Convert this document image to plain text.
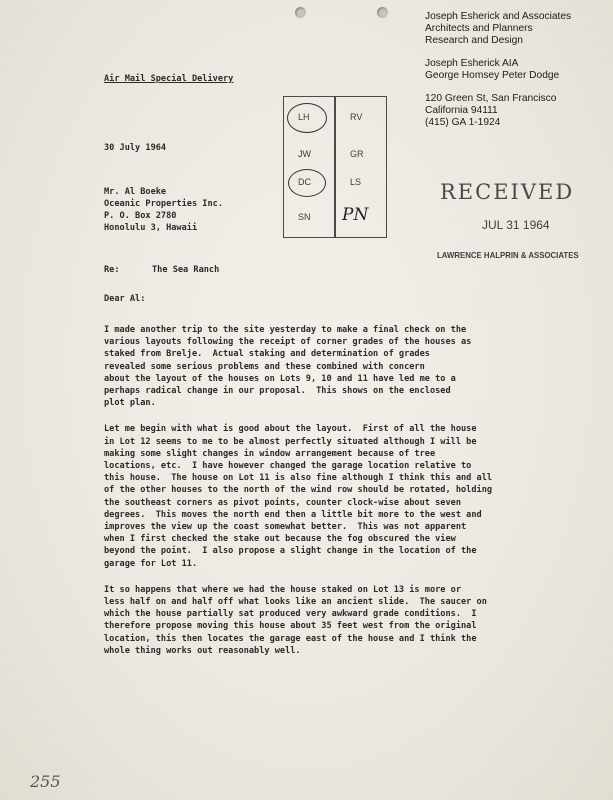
Joseph Esherick and Associates
Architects and Planners
Research and Design
Joseph Esherick AIA
George Homsey Peter Dodge
120 Green St, San Francisco
California 94111
(415) GA 1-1924
Air Mail Special Delivery
30 July 1964
LH
JW
DC
SN
RV
GR
LS
PN
RECEIVED
JUL 31 1964
LAWRENCE HALPRIN & ASSOCIATES
Mr. Al Boeke
Oceanic Properties Inc.
P. O. Box 2780
Honolulu 3, Hawaii
Re:	The Sea Ranch
Dear Al:
I made another trip to the site yesterday to make a final check on the
various layouts following the receipt of corner grades of the houses as
staked from Brelje.  Actual staking and determination of grades
revealed some serious problems and these combined with concern
about the layout of the houses on Lots 9, 10 and 11 have led me to a
perhaps radical change in our proposal.  This shows on the enclosed
plot plan.
Let me begin with what is good about the layout.  First of all the house
in Lot 12 seems to me to be almost perfectly situated although I will be
making some slight changes in window arrangement because of tree
locations, etc.  I have however changed the garage location relative to
this house.  The house on Lot 11 is also fine although I think this and all
of the other houses to the north of the wind row should be rotated, holding
the southeast corners as pivot points, counter clock-wise about seven
degrees.  This moves the north end then a little bit more to the west and
improves the view up the coast somewhat better.  This was not apparent
when I first checked the stake out because the fog obscured the view
beyond the point.  I also propose a slight change in the location of the
garage for Lot 11.
It so happens that where we had the house staked on Lot 13 is more or
less half on and half off what looks like an ancient slide.  The saucer on
which the house partially sat produced very awkward grade conditions.  I
therefore propose moving this house about 35 feet west from the original
location, this then locates the garage east of the house and I think the
whole thing works out reasonably well.
255
